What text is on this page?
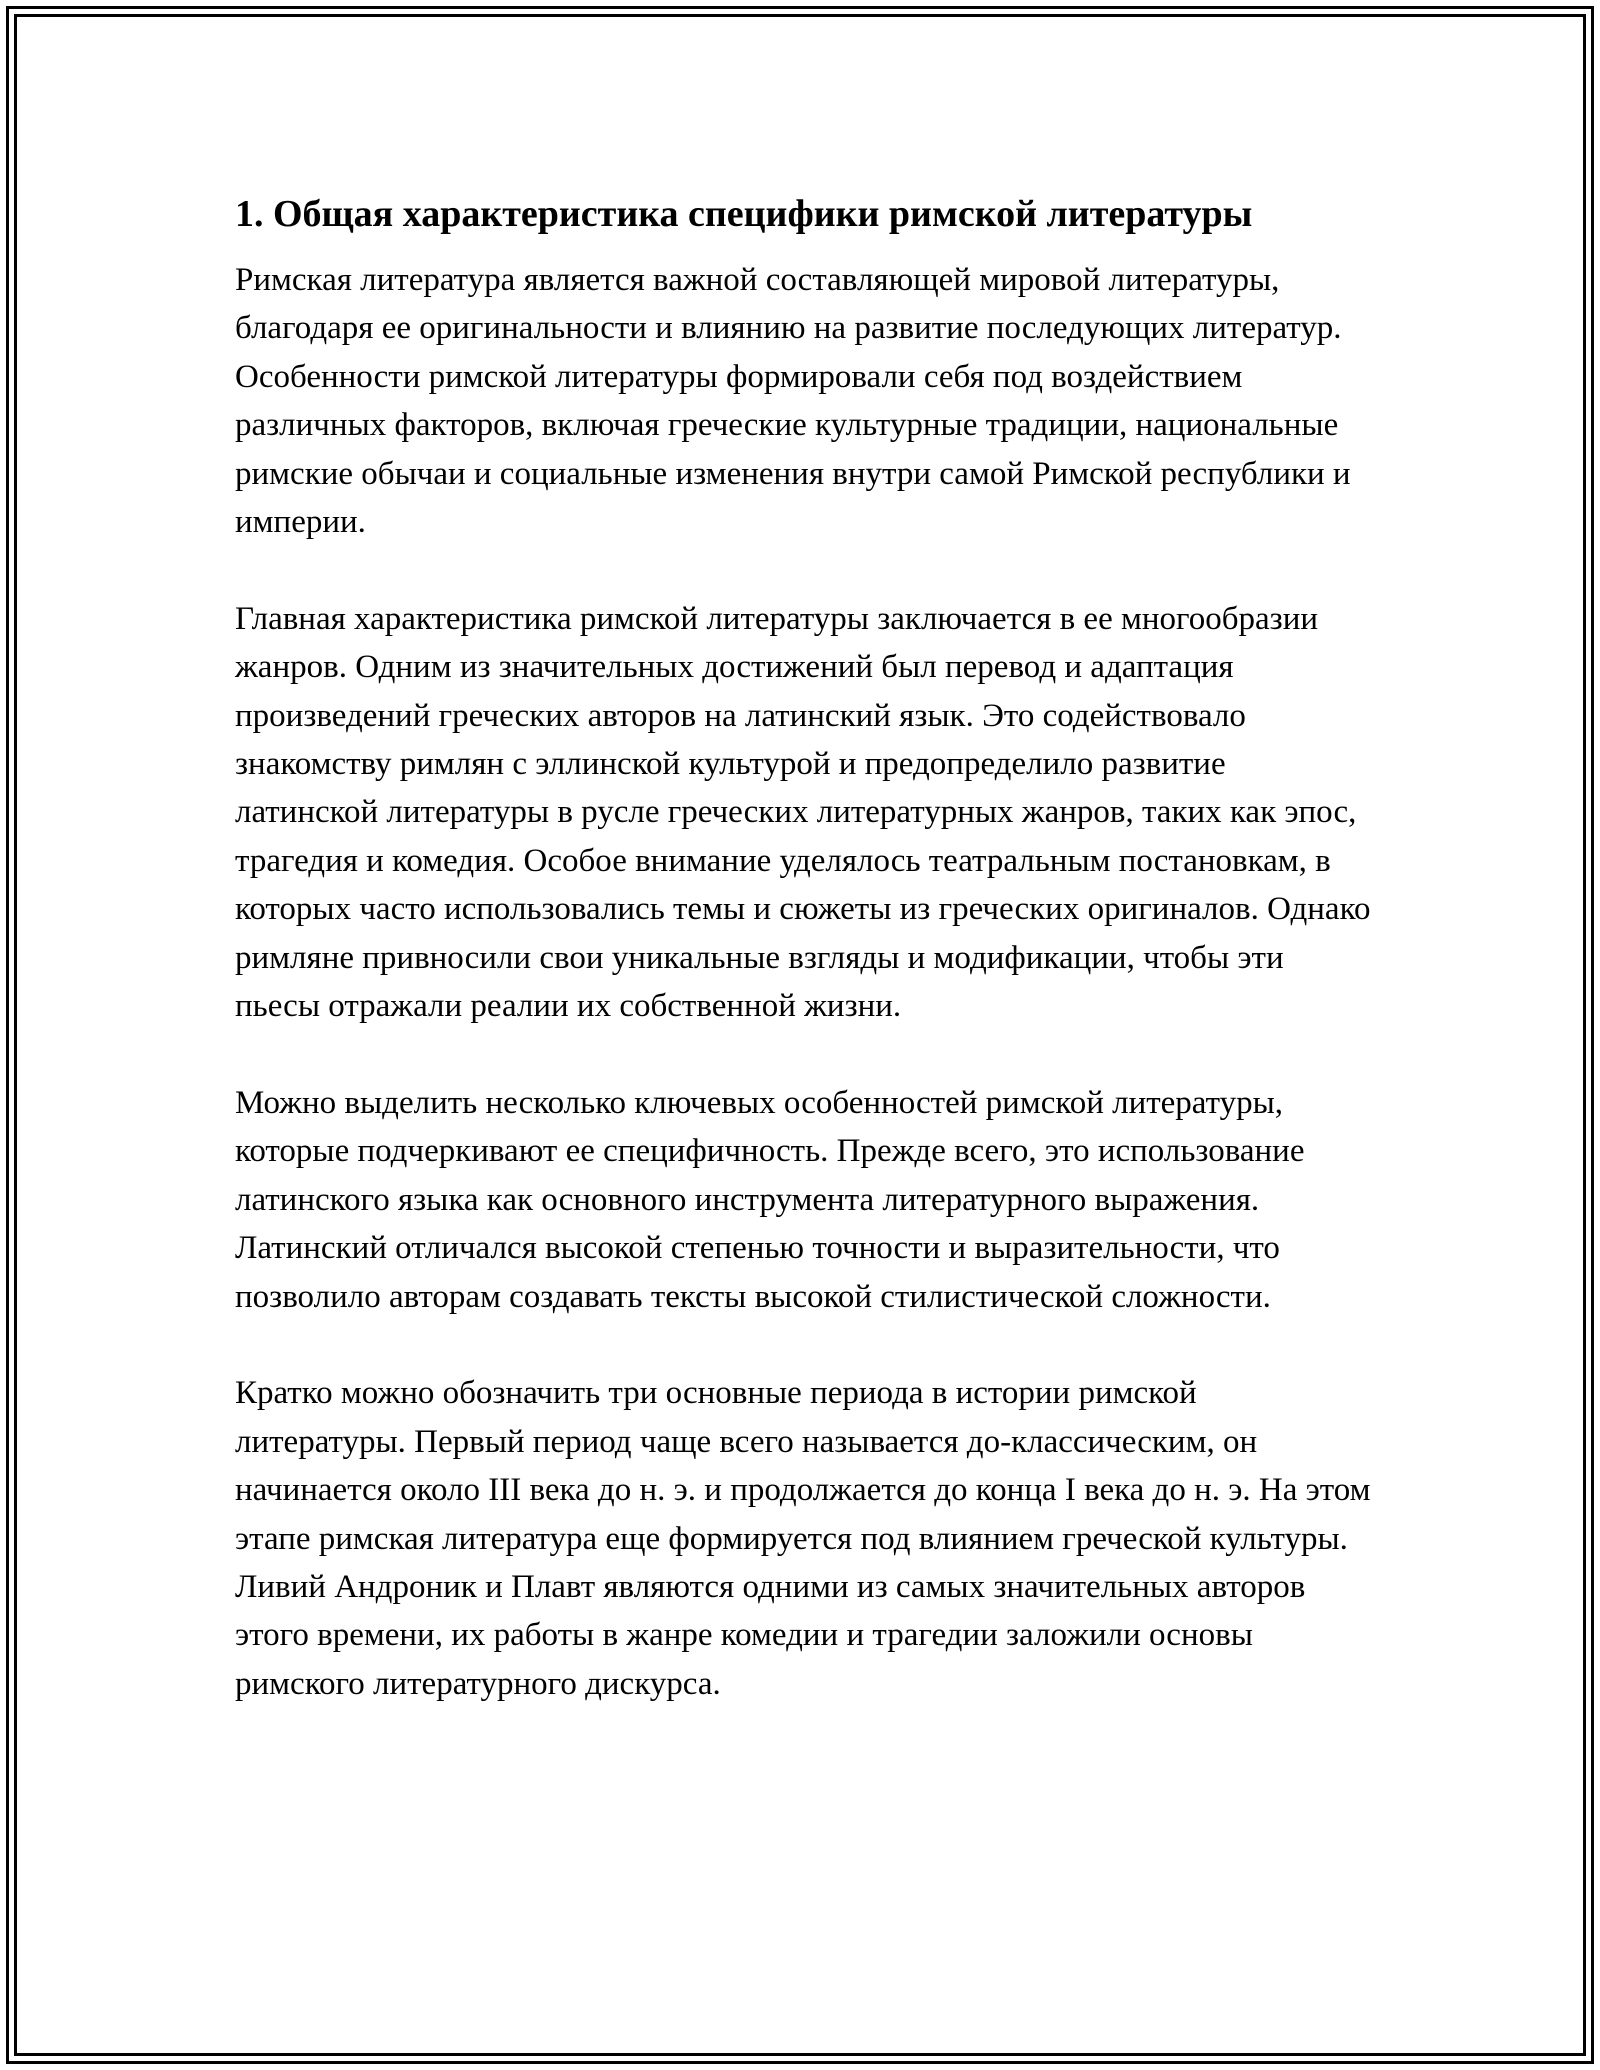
1. Общая характеристика специфики римской литературы

Римская литература является важной составляющей мировой литературы, благодаря ее оригинальности и влиянию на развитие последующих литератур. Особенности римской литературы формировали себя под воздействием различных факторов, включая греческие культурные традиции, национальные римские обычаи и социальные изменения внутри самой Римской республики и империи.

Главная характеристика римской литературы заключается в ее многообразии жанров. Одним из значительных достижений был перевод и адаптация произведений греческих авторов на латинский язык. Это содействовало знакомству римлян с эллинской культурой и предопределило развитие латинской литературы в русле греческих литературных жанров, таких как эпос, трагедия и комедия. Особое внимание уделялось театральным постановкам, в которых часто использовались темы и сюжеты из греческих оригиналов. Однако римляне привносили свои уникальные взгляды и модификации, чтобы эти пьесы отражали реалии их собственной жизни.

Можно выделить несколько ключевых особенностей римской литературы, которые подчеркивают ее специфичность. Прежде всего, это использование латинского языка как основного инструмента литературного выражения. Латинский отличался высокой степенью точности и выразительности, что позволило авторам создавать тексты высокой стилистической сложности.

Кратко можно обозначить три основные периода в истории римской литературы. Первый период чаще всего называется до-классическим, он начинается около III века до н. э. и продолжается до конца I века до н. э. На этом этапе римская литература еще формируется под влиянием греческой культуры. Ливий Андроник и Плавт являются одними из самых значительных авторов этого времени, их работы в жанре комедии и трагедии заложили основы римского литературного дискурса.
